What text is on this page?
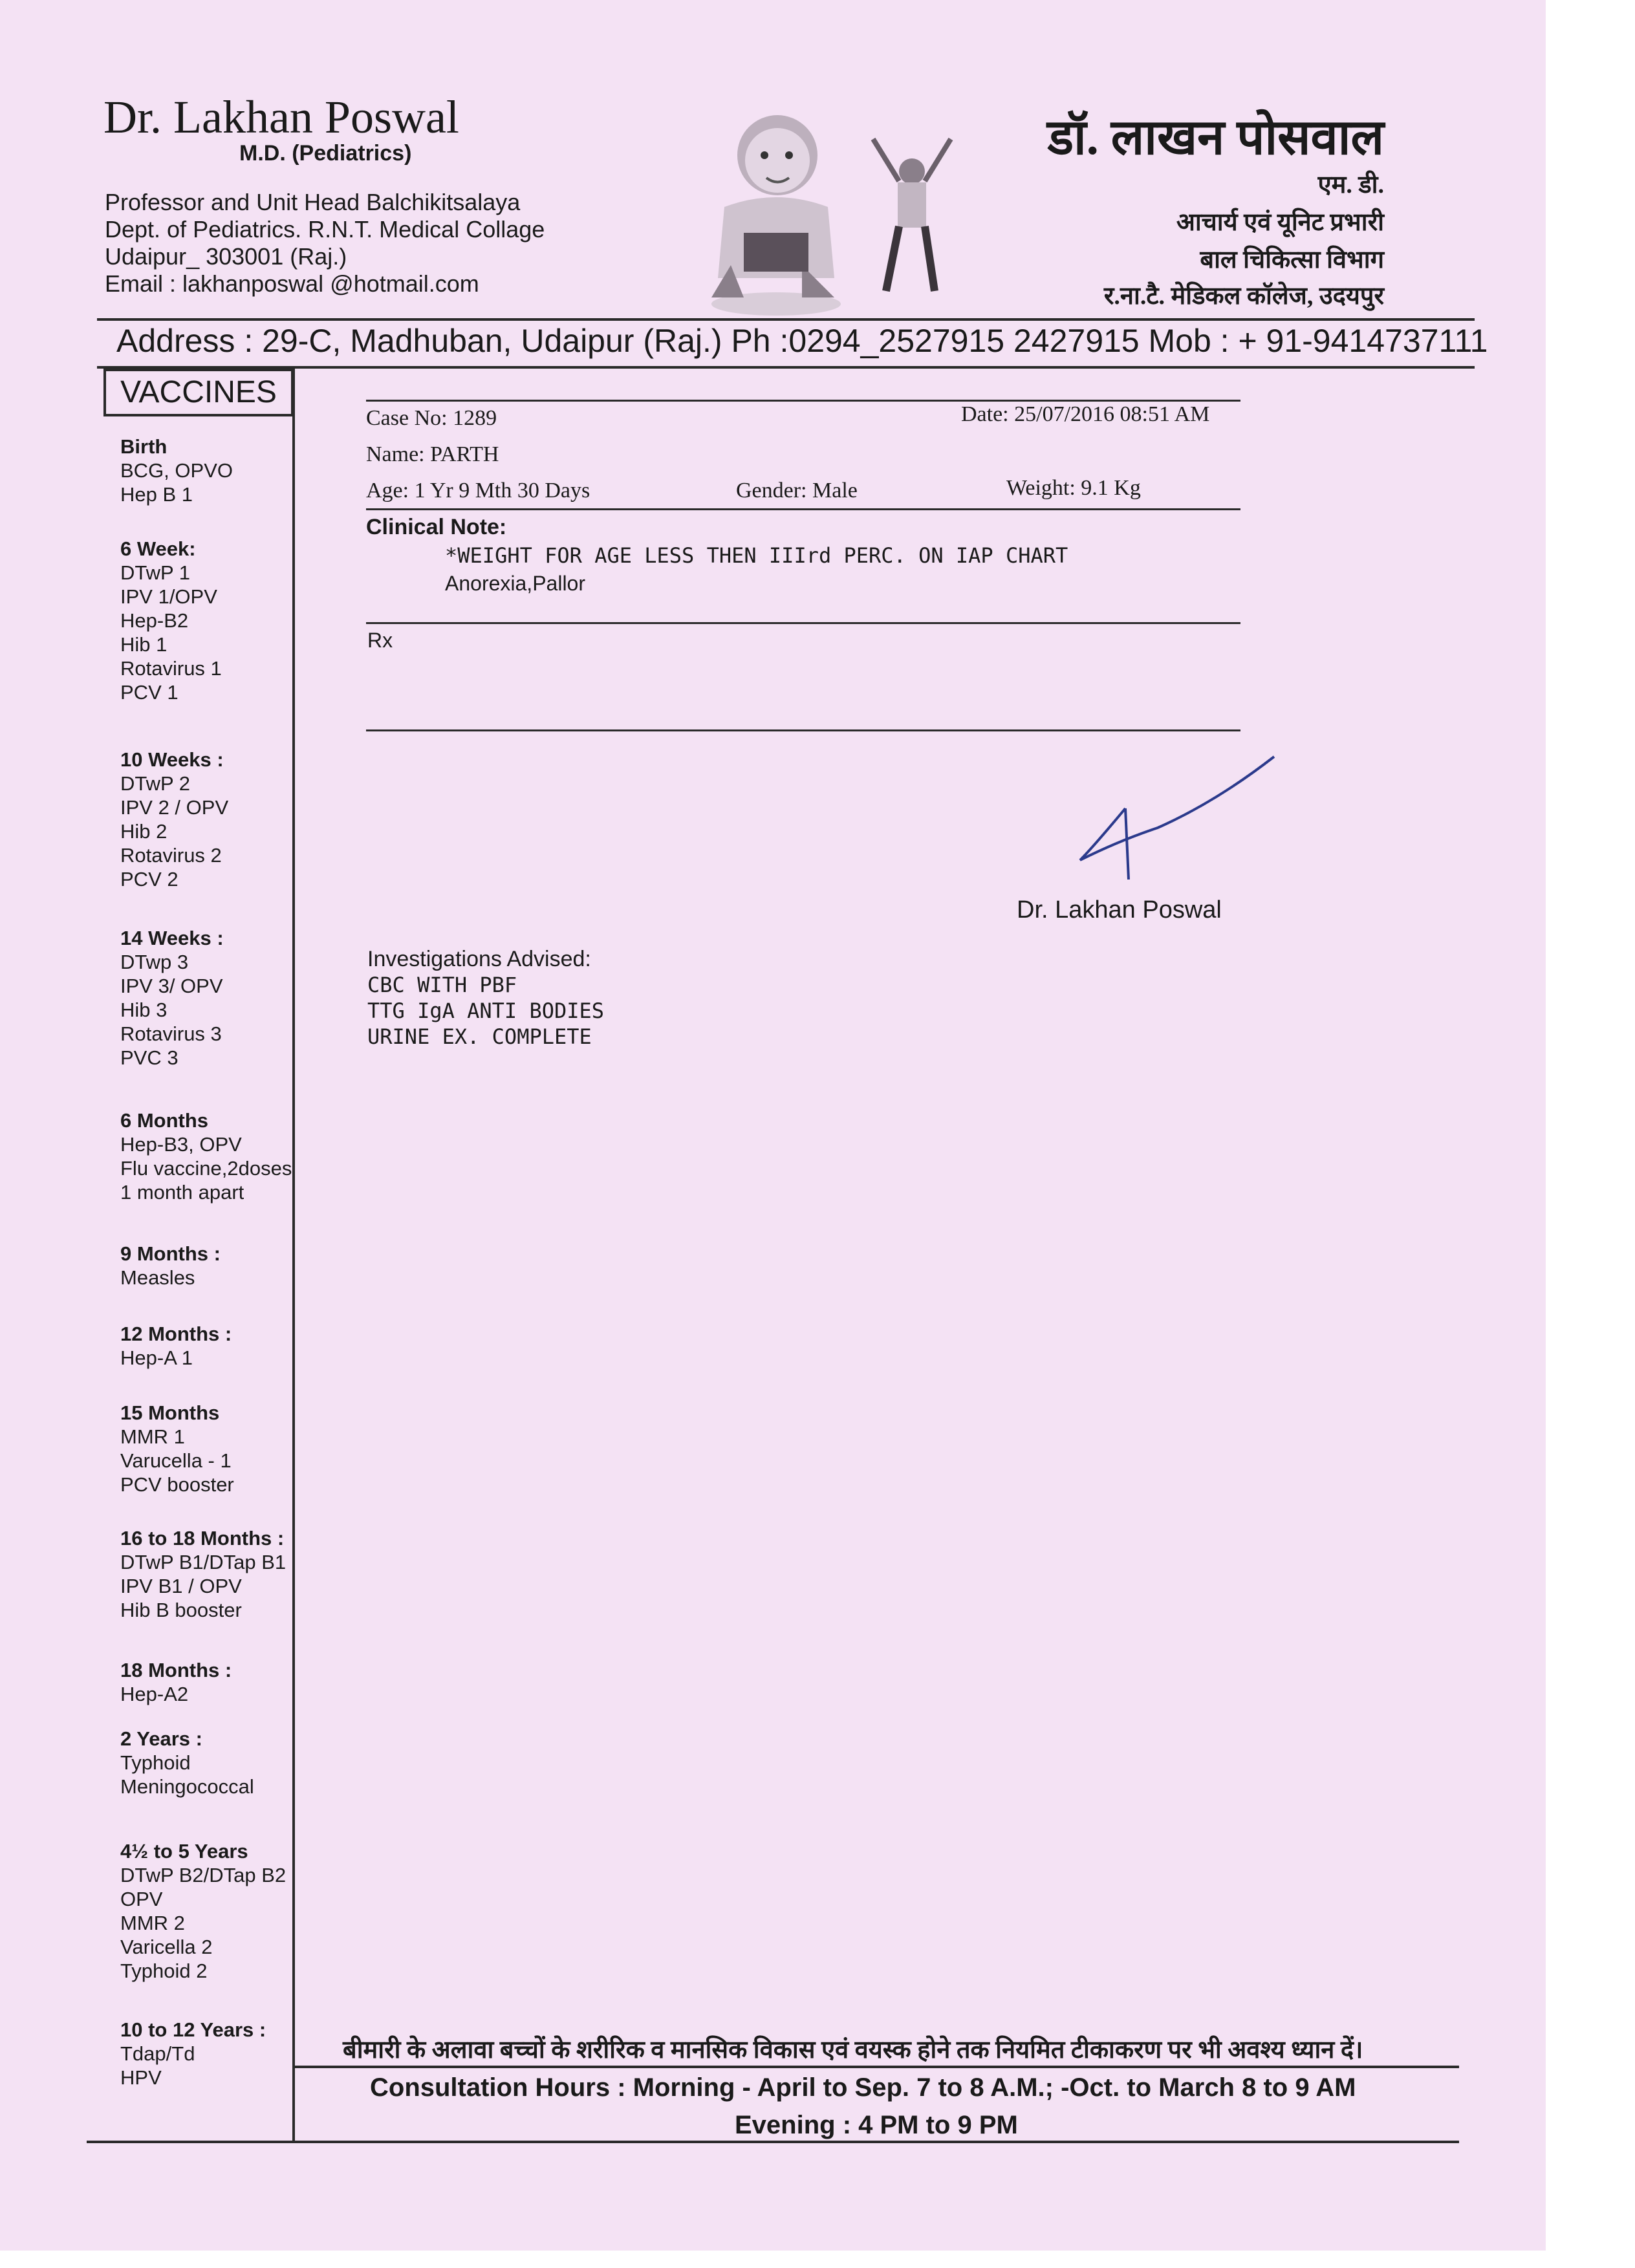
Dr. Lakhan Poswal
M.D. (Pediatrics)
Professor and Unit Head Balchikitsalaya
Dept. of Pediatrics. R.N.T. Medical Collage
Udaipur_ 303001 (Raj.)
Email : lakhanposwal @hotmail.com
डॉ. लाखन पोसवाल
एम. डी.
आचार्य एवं यूनिट प्रभारी
बाल चिकित्सा विभाग
र.ना.टै. मेडिकल कॉलेज, उदयपुर
Address : 29-C, Madhuban, Udaipur (Raj.) Ph :0294_2527915 2427915 Mob : + 91-9414737111
VACCINES
Birth
BCG, OPVO
Hep B 1
6 Week:
DTwP 1
IPV 1/OPV
Hep-B2
Hib 1
Rotavirus 1
PCV 1
10 Weeks :
DTwP 2
IPV 2 / OPV
Hib 2
Rotavirus 2
PCV 2
14 Weeks :
DTwp 3
IPV 3/ OPV
Hib 3
Rotavirus 3
PVC 3
6 Months
Hep-B3, OPV
Flu vaccine,2doses
1 month apart
9 Months :
Measles
12 Months :
Hep-A 1
15 Months
MMR 1
Varucella - 1
PCV booster
16 to 18 Months :
DTwP B1/DTap B1
IPV B1 / OPV
Hib B booster
18 Months :
Hep-A2
2 Years :
Typhoid
Meningococcal
4½ to 5 Years
DTwP B2/DTap B2
OPV
MMR 2
Varicella 2
Typhoid 2
10 to 12 Years :
Tdap/Td
HPV
Case No: 1289	Date: 25/07/2016 08:51 AM
Name: PARTH
Age: 1 Yr 9 Mth 30 Days	Gender: Male	Weight: 9.1 Kg
Clinical Note:
*WEIGHT FOR AGE LESS THEN IIIrd PERC. ON IAP CHART
Anorexia,Pallor
Rx
Dr. Lakhan Poswal
Investigations Advised:
CBC WITH PBF
TTG IgA ANTI BODIES
URINE EX. COMPLETE
बीमारी के अलावा बच्चों के शरीरिक व मानसिक विकास एवं वयस्क होने तक नियमित टीकाकरण पर भी अवश्य ध्यान दें।
Consultation Hours : Morning - April to Sep. 7 to 8 A.M.; -Oct. to March 8 to 9 AM
Evening : 4 PM to 9 PM
